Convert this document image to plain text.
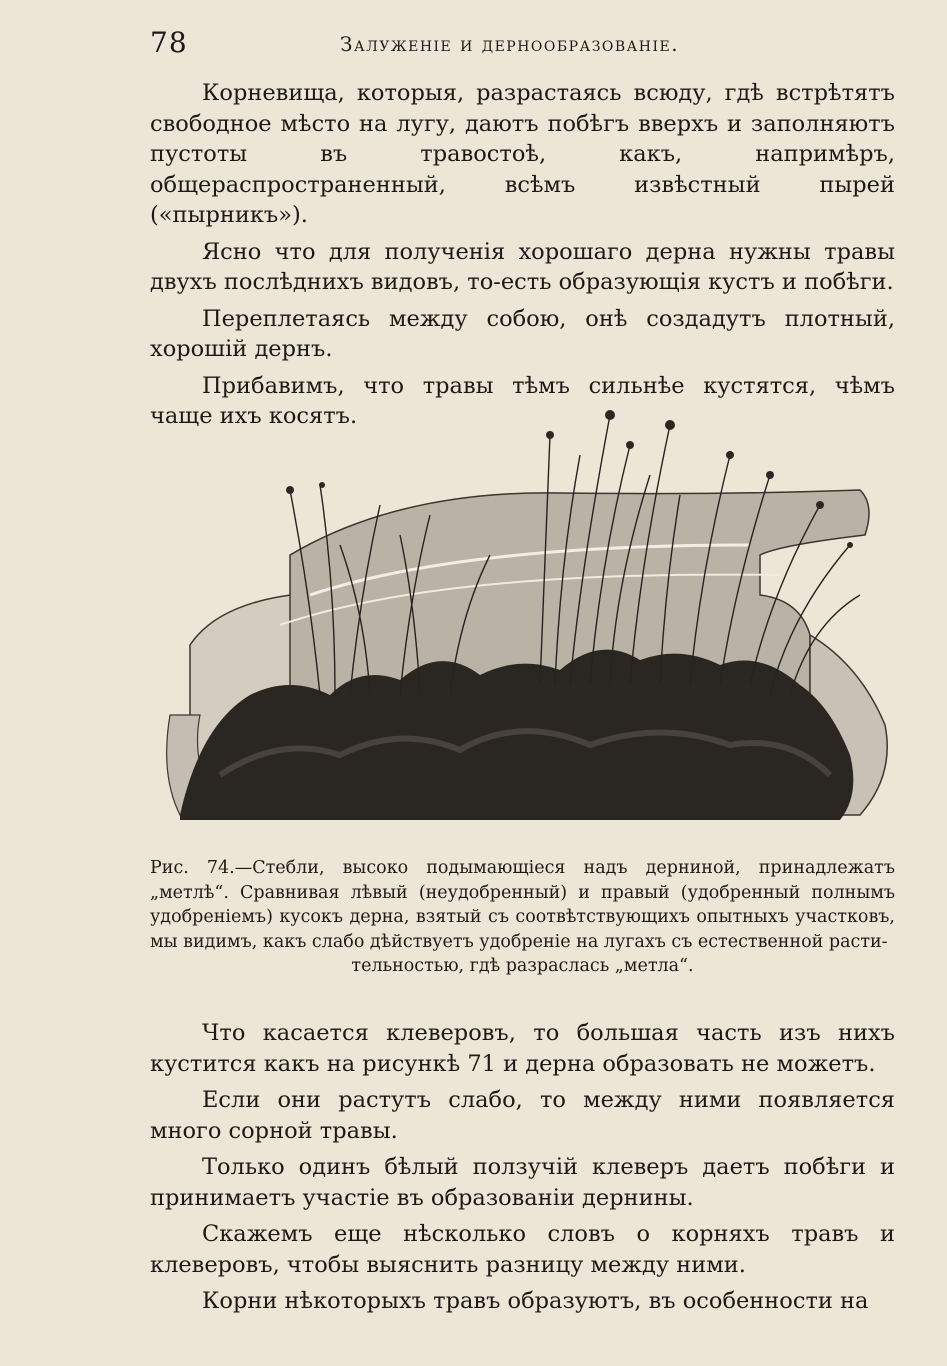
78	Залуженіе и дернообразованіе.

Корневища, которыя, разрастаясь всюду, гдѣ встрѣтятъ свободное мѣсто на лугу, даютъ побѣгъ вверхъ и заполняютъ пустоты въ травостоѣ, какъ, напримѣръ, общераспространенный, всѣмъ извѣстный пырей («пырникъ»).

Ясно что для полученія хорошаго дерна нужны травы двухъ послѣднихъ видовъ, то-есть образующія кустъ и побѣги.

Переплетаясь между собою, онѣ создадутъ плотный, хорошій дернъ.

Прибавимъ, что травы тѣмъ сильнѣе кустятся, чѣмъ чаще ихъ косятъ.

Рис. 74.—Стебли, высоко подымающіеся надъ дерниной, принадлежатъ „метлѣ“. Сравнивая лѣвый (неудобренный) и правый (удобренный полнымъ удобреніемъ) кусокъ дерна, взятый съ соотвѣтствующихъ опытныхъ участковъ, мы видимъ, какъ слабо дѣйствуетъ удобреніе на лугахъ съ естественной расти-
тельностью, гдѣ разраслась „метла“.

Что касается клеверовъ, то большая часть изъ нихъ кустится какъ на рисункѣ 71 и дерна образовать не можетъ.

Если они растутъ слабо, то между ними появляется много сорной травы.

Только одинъ бѣлый ползучій клеверъ даетъ побѣги и принимаетъ участіе въ образованіи дернины.

Скажемъ еще нѣсколько словъ о корняхъ травъ и клеверовъ, чтобы выяснить разницу между ними.

Корни нѣкоторыхъ травъ образуютъ, въ особенности на
